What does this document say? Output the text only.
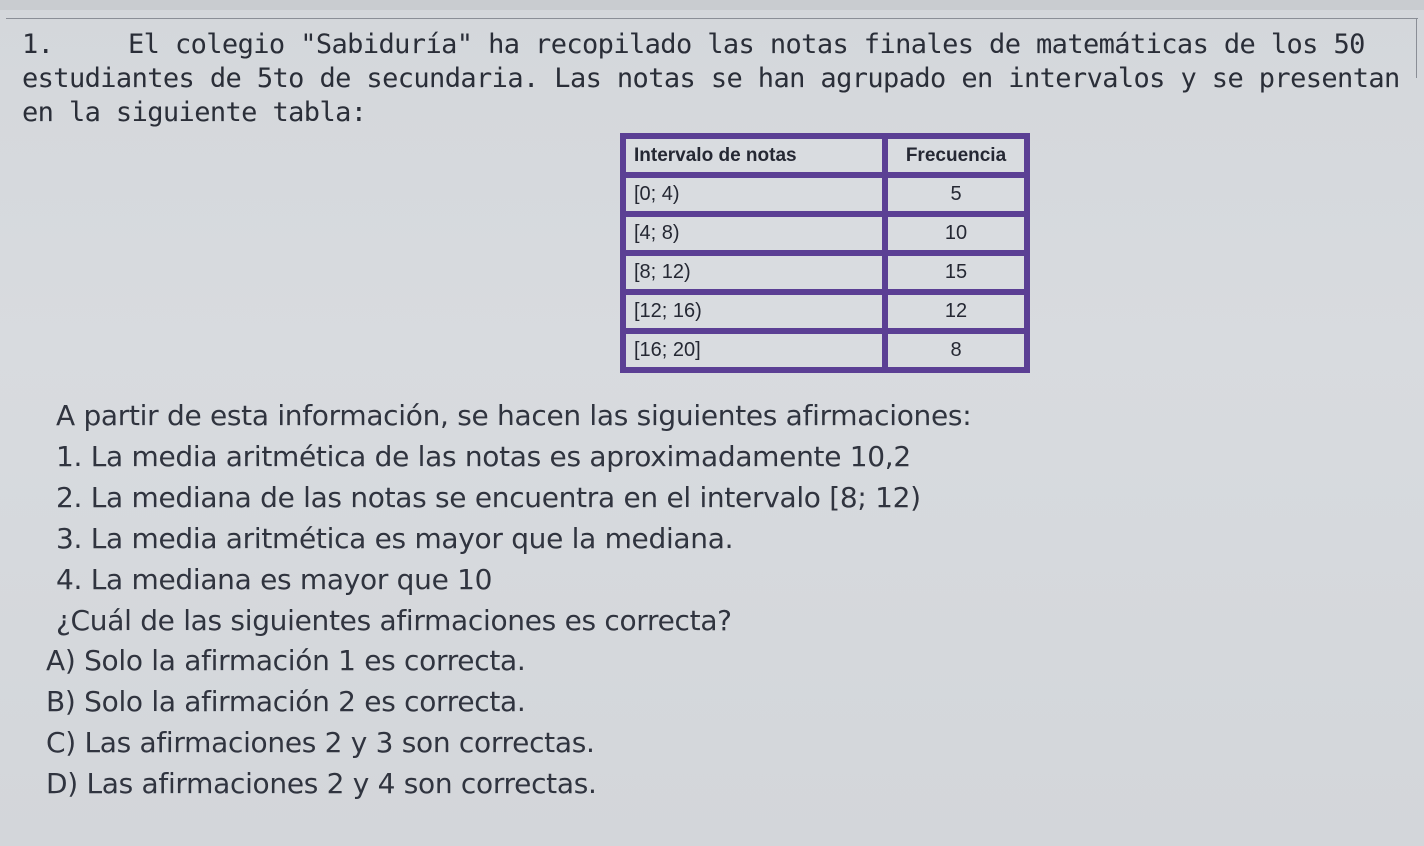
1.	El colegio "Sabiduría" ha recopilado las notas finales de matemáticas de los 50
estudiantes de 5to de secundaria. Las notas se han agrupado en intervalos y se presentan
en la siguiente tabla:
Intervalo de notas	Frecuencia
[0; 4)	5
[4; 8)	10
[8; 12)	15
[12; 16)	12
[16; 20]	8
A partir de esta información, se hacen las siguientes afirmaciones:
1. La media aritmética de las notas es aproximadamente 10,2
2. La mediana de las notas se encuentra en el intervalo [8; 12)
3. La media aritmética es mayor que la mediana.
4. La mediana es mayor que 10
¿Cuál de las siguientes afirmaciones es correcta?
A) Solo la afirmación 1 es correcta.
B) Solo la afirmación 2 es correcta.
C) Las afirmaciones 2 y 3 son correctas.
D) Las afirmaciones 2 y 4 son correctas.
